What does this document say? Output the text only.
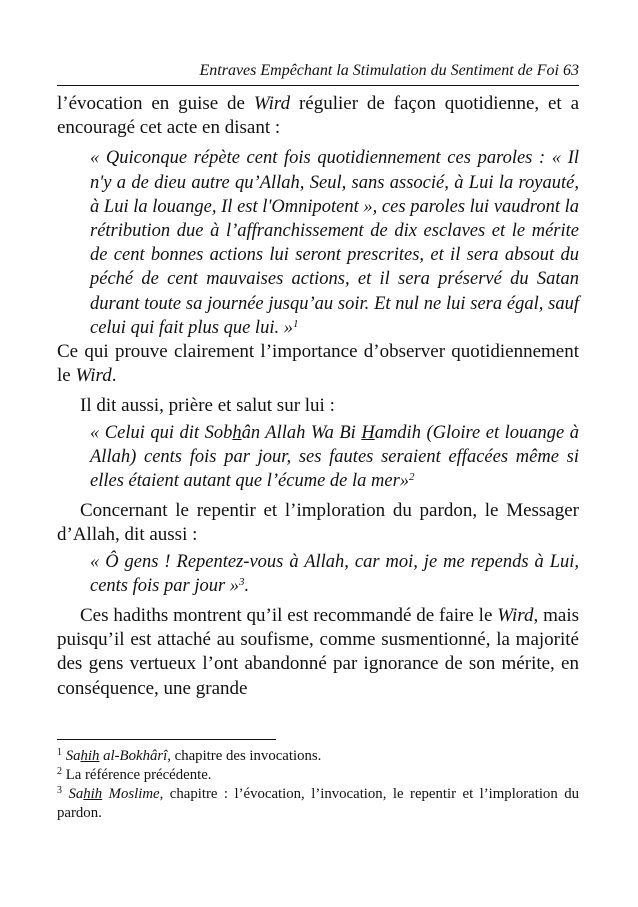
Entraves Empêchant la Stimulation du Sentiment de Foi 63

l’évocation en guise de Wird régulier de façon quotidienne, et a encouragé cet acte en disant :

« Quiconque répète cent fois quotidiennement ces paroles : « Il n'y a de dieu autre qu’Allah, Seul, sans associé, à Lui la royauté, à Lui la louange, Il est l'Omnipotent », ces paroles lui vaudront la rétribution due à l’affranchissement de dix esclaves et le mérite de cent bonnes actions lui seront prescrites, et il sera absout du péché de cent mauvaises actions, et il sera préservé du Satan durant toute sa journée jusqu’au soir. Et nul ne lui sera égal, sauf celui qui fait plus que lui. »$^1$

Ce qui prouve clairement l’importance d’observer quotidiennement le Wird.

Il dit aussi, prière et salut sur lui :

« Celui qui dit Sobhân Allah Wa Bi Hamdih (Gloire et louange à Allah) cents fois par jour, ses fautes seraient effacées même si elles étaient autant que l’écume de la mer»$^2$

Concernant le repentir et l’imploration du pardon, le Messager d’Allah, dit aussi :

« Ô gens ! Repentez-vous à Allah, car moi, je me repends à Lui, cents fois par jour »$^3$.

Ces hadiths montrent qu’il est recommandé de faire le Wird, mais puisqu’il est attaché au soufisme, comme susmentionné, la majorité des gens vertueux l’ont abandonné par ignorance de son mérite, en conséquence, une grande

$^1$ Sahih al-Bokhârî, chapitre des invocations.

$^2$ La référence précédente.

$^3$ Sahih Moslime, chapitre : l’évocation, l’invocation, le repentir et l’imploration du pardon.
